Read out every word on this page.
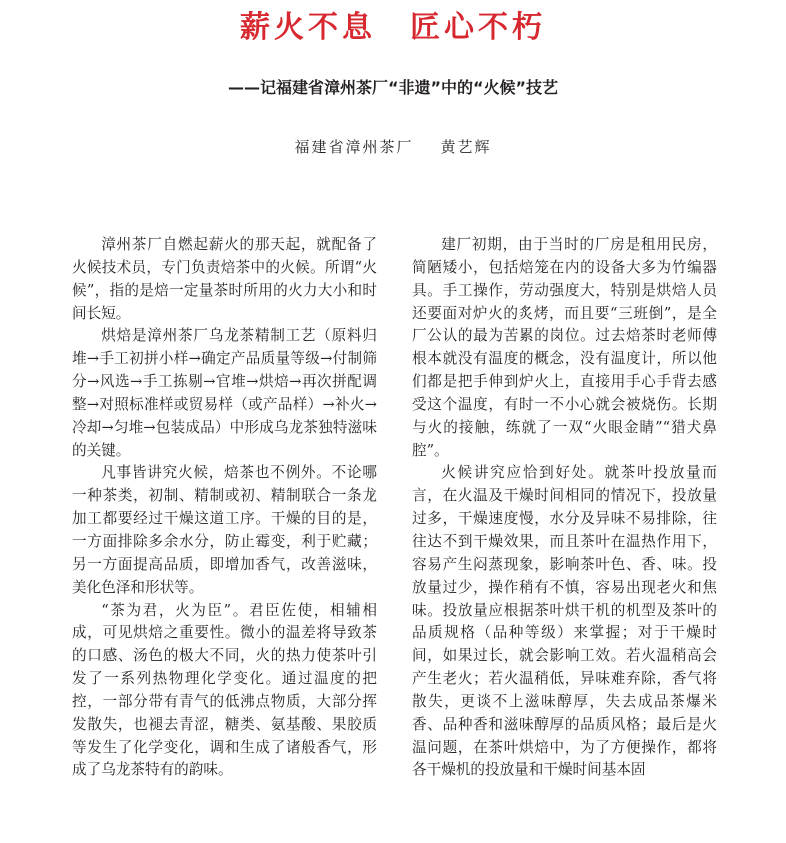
薪火不息　匠心不朽
——记福建省漳州茶厂“非遗”中的“火候”技艺
福建省漳州茶厂 黄艺辉

漳州茶厂自燃起薪火的那天起，就配备了火候技术员，专门负责焙茶中的火候。所谓“火候”，指的是焙一定量茶时所用的火力大小和时间长短。

烘焙是漳州茶厂乌龙茶精制工艺（原料归堆→手工初拼小样→确定产品质量等级→付制筛分→风选→手工拣剔→官堆→烘焙→再次拼配调整→对照标准样或贸易样（或产品样）→补火→冷却→匀堆→包装成品）中形成乌龙茶独特滋味的关键。

凡事皆讲究火候，焙茶也不例外。不论哪一种茶类，初制、精制或初、精制联合一条龙加工都要经过干燥这道工序。干燥的目的是，一方面排除多余水分，防止霉变，利于贮藏；另一方面提高品质，即增加香气，改善滋味，美化色泽和形状等。

“茶为君，火为臣”。君臣佐使，相辅相成，可见烘焙之重要性。微小的温差将导致茶的口感、汤色的极大不同，火的热力使茶叶引发了一系列热物理化学变化。通过温度的把控，一部分带有青气的低沸点物质，大部分挥发散失，也褪去青涩，糖类、氨基酸、果胶质等发生了化学变化，调和生成了诸般香气，形成了乌龙茶特有的韵味。

建厂初期，由于当时的厂房是租用民房，简陋矮小，包括焙笼在内的设备大多为竹编器具。手工操作，劳动强度大，特别是烘焙人员还要面对炉火的炙烤，而且要“三班倒”，是全厂公认的最为苦累的岗位。过去焙茶时老师傅根本就没有温度的概念，没有温度计，所以他们都是把手伸到炉火上，直接用手心手背去感受这个温度，有时一不小心就会被烧伤。长期与火的接触，练就了一双“火眼金睛”“猎犬鼻腔”。

火候讲究应恰到好处。就茶叶投放量而言，在火温及干燥时间相同的情况下，投放量过多，干燥速度慢，水分及异味不易排除，往往达不到干燥效果，而且茶叶在温热作用下，容易产生闷蒸现象，影响茶叶色、香、味。投放量过少，操作稍有不慎，容易出现老火和焦味。投放量应根据茶叶烘干机的机型及茶叶的品质规格（品种等级）来掌握；对于干燥时间，如果过长，就会影响工效。若火温稍高会产生老火；若火温稍低，异味难弃除，香气将散失，更谈不上滋味醇厚，失去成品茶爆米香、品种香和滋味醇厚的品质风格；最后是火温问题，在茶叶烘焙中，为了方便操作，都将各干燥机的投放量和干燥时间基本固
